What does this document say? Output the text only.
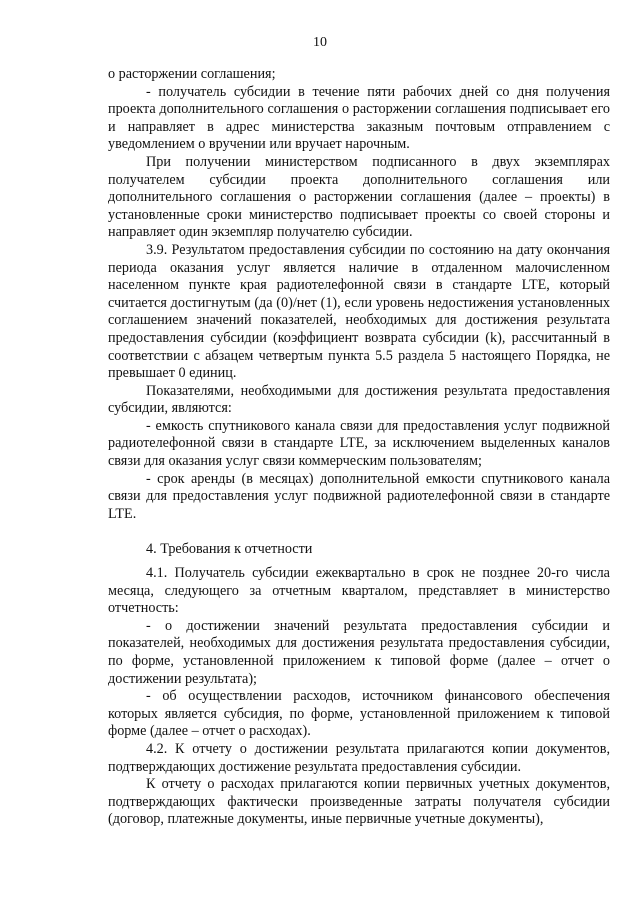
10

о расторжении соглашения;

- получатель субсидии в течение пяти рабочих дней со дня получения проекта дополнительного соглашения о расторжении соглашения подписывает его и направляет в адрес министерства заказным почтовым отправлением с уведомлением о вручении или вручает нарочным.

При получении министерством подписанного в двух экземплярах получателем субсидии проекта дополнительного соглашения или дополнительного соглашения о расторжении соглашения (далее – проекты) в установленные сроки министерство подписывает проекты со своей стороны и направляет один экземпляр получателю субсидии.

3.9. Результатом предоставления субсидии по состоянию на дату окончания периода оказания услуг является наличие в отдаленном малочисленном населенном пункте края радиотелефонной связи в стандарте LTE, который считается достигнутым (да (0)/нет (1), если уровень недостижения установленных соглашением значений показателей, необходимых для достижения результата предоставления субсидии (коэффициент возврата субсидии (k), рассчитанный в соответствии с абзацем четвертым пункта 5.5 раздела 5 настоящего Порядка, не превышает 0 единиц.

Показателями, необходимыми для достижения результата предоставления субсидии, являются:

- емкость спутникового канала связи для предоставления услуг подвижной радиотелефонной связи в стандарте LTE, за исключением выделенных каналов связи для оказания услуг связи коммерческим пользователям;

- срок аренды (в месяцах) дополнительной емкости спутникового канала связи для предоставления услуг подвижной радиотелефонной связи в стандарте LTE.

4. Требования к отчетности

4.1. Получатель субсидии ежеквартально в срок не позднее 20-го числа месяца, следующего за отчетным кварталом, представляет в министерство отчетность:

- о достижении значений результата предоставления субсидии и показателей, необходимых для достижения результата предоставления субсидии, по форме, установленной приложением к типовой форме (далее – отчет о достижении результата);

- об осуществлении расходов, источником финансового обеспечения которых является субсидия, по форме, установленной приложением к типовой форме (далее – отчет о расходах).

4.2. К отчету о достижении результата прилагаются копии документов, подтверждающих достижение результата предоставления субсидии.

К отчету о расходах прилагаются копии первичных учетных документов, подтверждающих фактически произведенные затраты получателя субсидии (договор, платежные документы, иные первичные учетные документы),
